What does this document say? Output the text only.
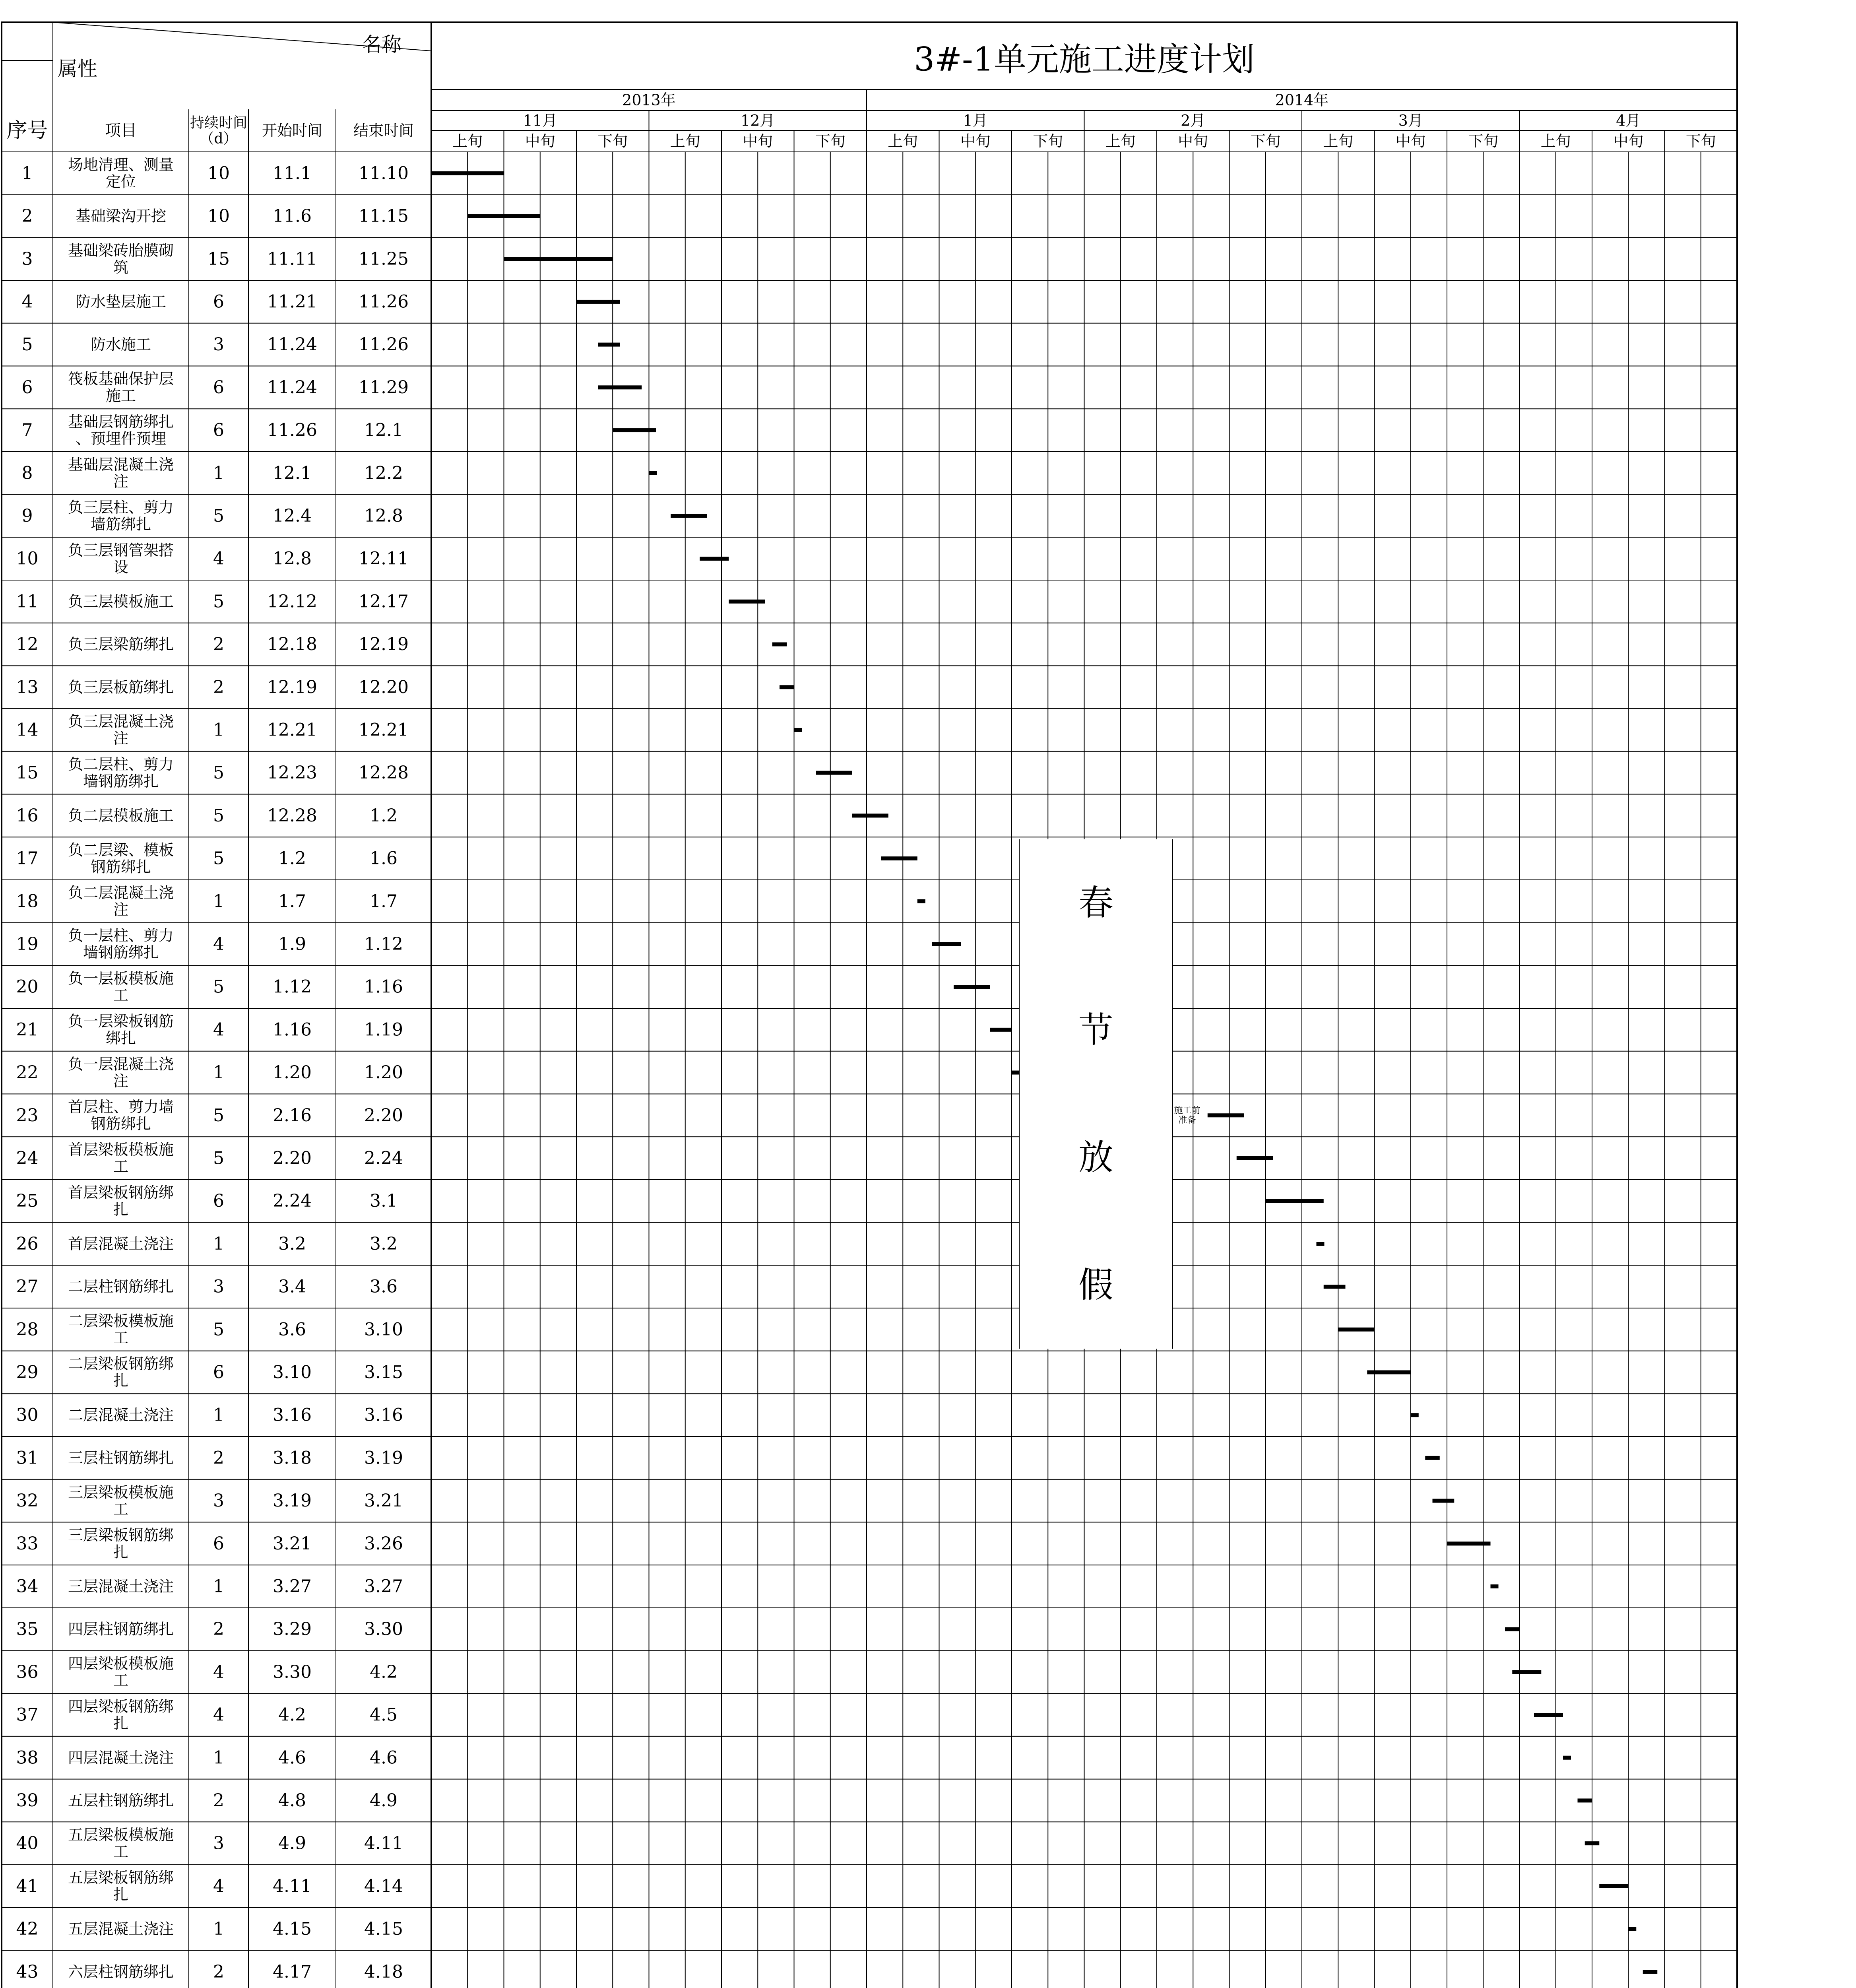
名称
属性	3#-1单元施工进度计划
序号	项目	持续时间（d）	开始时间 结束时间
2013年	2014年
11月	12月	1月	2月	3月	4月
上旬	中旬	下旬	上旬	中旬	下旬	上旬	中旬	下旬	上旬	中旬	下旬	上旬	中旬	下旬	上旬	中旬	下旬
1 场地清理、测量定位	10 11.1	11.10
2	基础梁沟开挖 10 11.6	11.15
3 基础梁砖胎膜砌筑	15 11.11 11.25
4	防水垫层施工	6 11.21 11.26
5	防水施工	3 11.24 11.26
6 筏板基础保护层施工	6 11.24 11.29
7 基础层钢筋绑扎、预埋件预埋	6 11.26	12.1
8 基础层混凝土浇注	1	12.1	12.2
9 负三层柱、剪力墙筋绑扎	5	12.4	12.8
10 负三层钢管架搭设	4	12.8	12.11
11 负三层模板施工 5 12.12 12.17
12 负三层梁筋绑扎 2 12.18 12.19
13 负三层板筋绑扎 2 12.19 12.20
14 负三层混凝土浇注	1 12.21 12.21
15 负二层柱、剪力墙钢筋绑扎	5 12.23 12.28
16 负二层模板施工 5 12.28	1.2
17 负二层梁、模板钢筋绑扎	5	1.2	1.6
18 负二层混凝土浇注	1	1.7	1.7
19 负一层柱、剪力墙钢筋绑扎	4	1.9	1.12
20 负一层板模板施工	5	1.12	1.16
21 负一层梁板钢筋绑扎	4	1.16	1.19
22 负一层混凝土浇注	1	1.20	1.20
23 首层柱、剪力墙钢筋绑扎	5	2.16	2.20
24 首层梁板模板施工	5	2.20	2.24
25 首层梁板钢筋绑扎	6	2.24	3.1
26 首层混凝土浇注 1	3.2	3.2
27 二层柱钢筋绑扎 3	3.4	3.6
28 二层梁板模板施工	5	3.6	3.10
29 二层梁板钢筋绑扎	6	3.10	3.15
30 二层混凝土浇注 1	3.16	3.16
31 三层柱钢筋绑扎 2	3.18	3.19
32 三层梁板模板施工	3	3.19	3.21
33 三层梁板钢筋绑扎	6	3.21	3.26
34 三层混凝土浇注 1	3.27	3.27
35 四层柱钢筋绑扎 2	3.29	3.30
36 四层梁板模板施工	4	3.30	4.2
37 四层梁板钢筋绑扎	4	4.2	4.5
38 四层混凝土浇注 1	4.6	4.6
39 五层柱钢筋绑扎 2	4.8	4.9
40 五层梁板模板施工	3	4.9	4.11
41 五层梁板钢筋绑扎	4	4.11	4.14
42 五层混凝土浇注 1	4.15	4.15
43 六层柱钢筋绑扎 2	4.17	4.18
施工前准备
春
节
放
假
